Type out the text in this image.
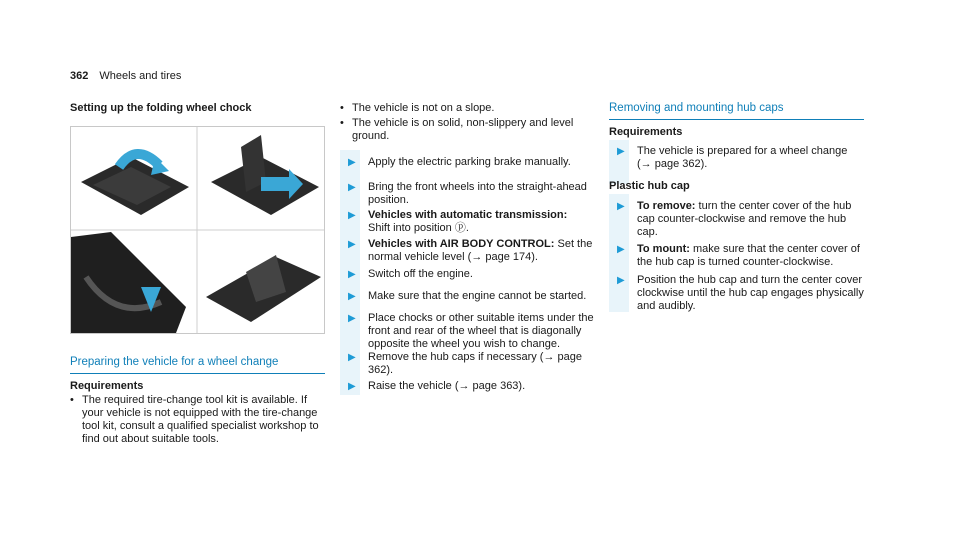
362 Wheels and tires
Setting up the folding wheel chock
Preparing the vehicle for a wheel change
Requirements
• The required tire-change tool kit is available. If your vehicle is not equipped with the tire-change tool kit, consult a qualified specialist workshop to find out about suitable tools.
• The vehicle is not on a slope.
• The vehicle is on solid, non-slippery and level ground.
▶ Apply the electric parking brake manually.
▶ Bring the front wheels into the straight-ahead position.
▶ Vehicles with automatic transmission:
Shift into position ⓟ.
▶ Vehicles with AIR BODY CONTROL: Set the normal vehicle level (→ page 174).
▶ Switch off the engine.
▶ Make sure that the engine cannot be started.
▶ Place chocks or other suitable items under the front and rear of the wheel that is diagonally opposite the wheel you wish to change.
▶ Remove the hub caps if necessary (→ page 362).
▶ Raise the vehicle (→ page 363).
Removing and mounting hub caps
Requirements
▶ The vehicle is prepared for a wheel change (→ page 362).
Plastic hub cap
▶ To remove: turn the center cover of the hub cap counter-clockwise and remove the hub cap.
▶ To mount: make sure that the center cover of the hub cap is turned counter-clockwise.
▶ Position the hub cap and turn the center cover clockwise until the hub cap engages physically and audibly.
